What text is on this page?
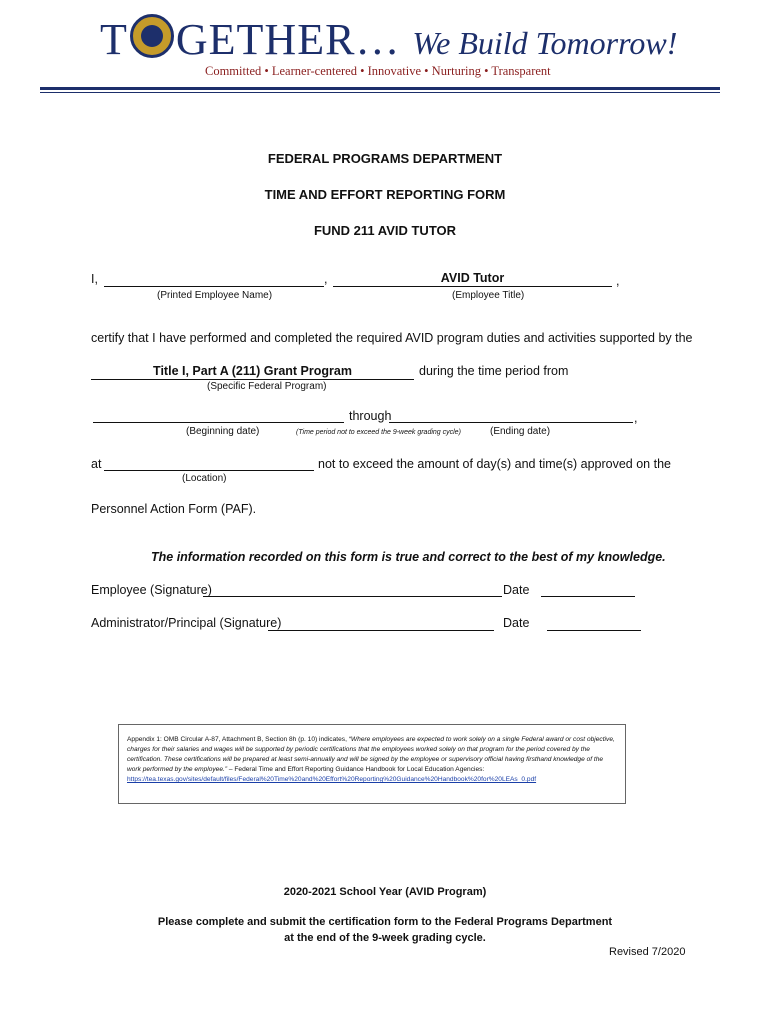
T GETHER… We Build Tomorrow!
Committed • Learner-centered • Innovative • Nurturing • Transparent
FEDERAL PROGRAMS DEPARTMENT
TIME AND EFFORT REPORTING FORM
FUND 211 AVID TUTOR
I,	,	AVID Tutor	,
(Printed Employee Name)	(Employee Title)
certify that I have performed and completed the required AVID program duties and activities supported by the
Title I, Part A (211) Grant Program	during the time period from
(Specific Federal Program)
through	,
(Beginning date)	(Time period not to exceed the 9-week grading cycle)	(Ending date)
at	not to exceed the amount of day(s) and time(s) approved on the
(Location)
Personnel Action Form (PAF).
The information recorded on this form is true and correct to the best of my knowledge.
Employee (Signature)	Date
Administrator/Principal (Signature)	Date
Appendix 1: OMB Circular A-87, Attachment B, Section 8h (p. 10) indicates, “Where employees are expected to work solely on a single Federal award or cost objective, charges for their salaries and wages will be supported by periodic certifications that the employees worked solely on that program for the period covered by the certification. These certifications will be prepared at least semi-annually and will be signed by the employee or supervisory official having firsthand knowledge of the work performed by the employee.” – Federal Time and Effort Reporting Guidance Handbook for Local Education Agencies:
https://tea.texas.gov/sites/default/files/Federal%20Time%20and%20Effort%20Reporting%20Guidance%20Handbook%20for%20LEAs_0.pdf
2020-2021 School Year (AVID Program)
Please complete and submit the certification form to the Federal Programs Department
at the end of the 9-week grading cycle.
Revised 7/2020
